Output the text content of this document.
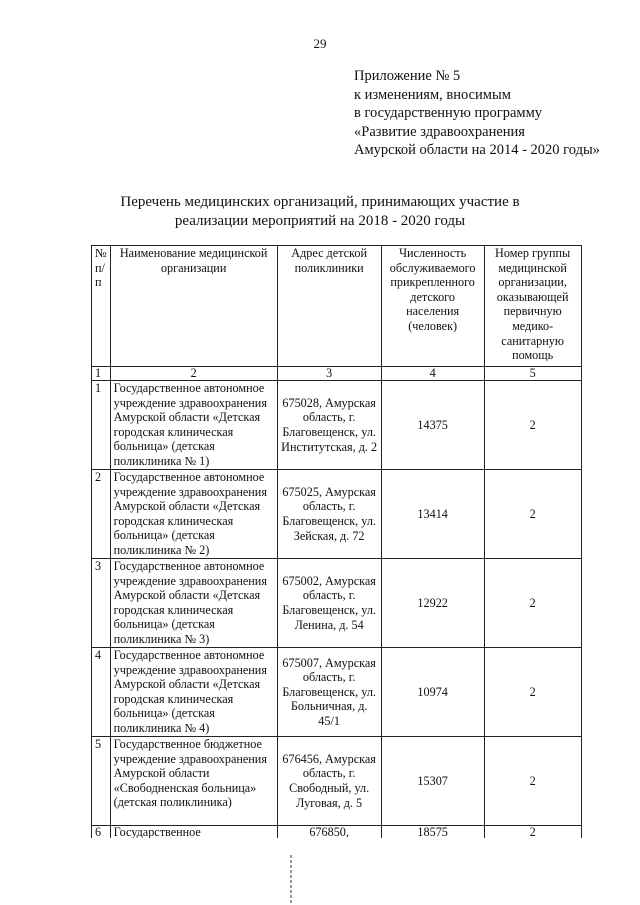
29
Приложение № 5
к изменениям, вносимым
в государственную программу
«Развитие здравоохранения
Амурской области на 2014 - 2020 годы»
Перечень медицинских организаций, принимающих участие в
реализации мероприятий на 2018 - 2020 годы
№ п/п	Наименование медицинской организации	Адрес детской поликлиники	Численность обслуживаемого прикрепленного детского населения (человек)	Номер группы медицинской организации, оказывающей первичную медико-санитарную помощь
1	2	3	4	5
1	Государственное автономное учреждение здравоохранения Амурской области «Детская городская клиническая больница» (детская поликлиника № 1)	675028, Амурская область, г. Благовещенск, ул. Институтская, д. 2	14375	2
2	Государственное автономное учреждение здравоохранения Амурской области «Детская городская клиническая больница» (детская поликлиника № 2)	675025, Амурская область, г. Благовещенск, ул. Зейская, д. 72	13414	2
3	Государственное автономное учреждение здравоохранения Амурской области «Детская городская клиническая больница» (детская поликлиника № 3)	675002, Амурская область, г. Благовещенск, ул. Ленина, д. 54	12922	2
4	Государственное автономное учреждение здравоохранения Амурской области «Детская городская клиническая больница» (детская поликлиника № 4)	675007, Амурская область, г. Благовещенск, ул. Больничная, д. 45/1	10974	2
5	Государственное бюджетное учреждение здравоохранения Амурской области «Свободненская больница» (детская поликлиника)	676456, Амурская область, г. Свободный, ул. Луговая, д. 5	15307	2
6	Государственное	676850,	18575	2
